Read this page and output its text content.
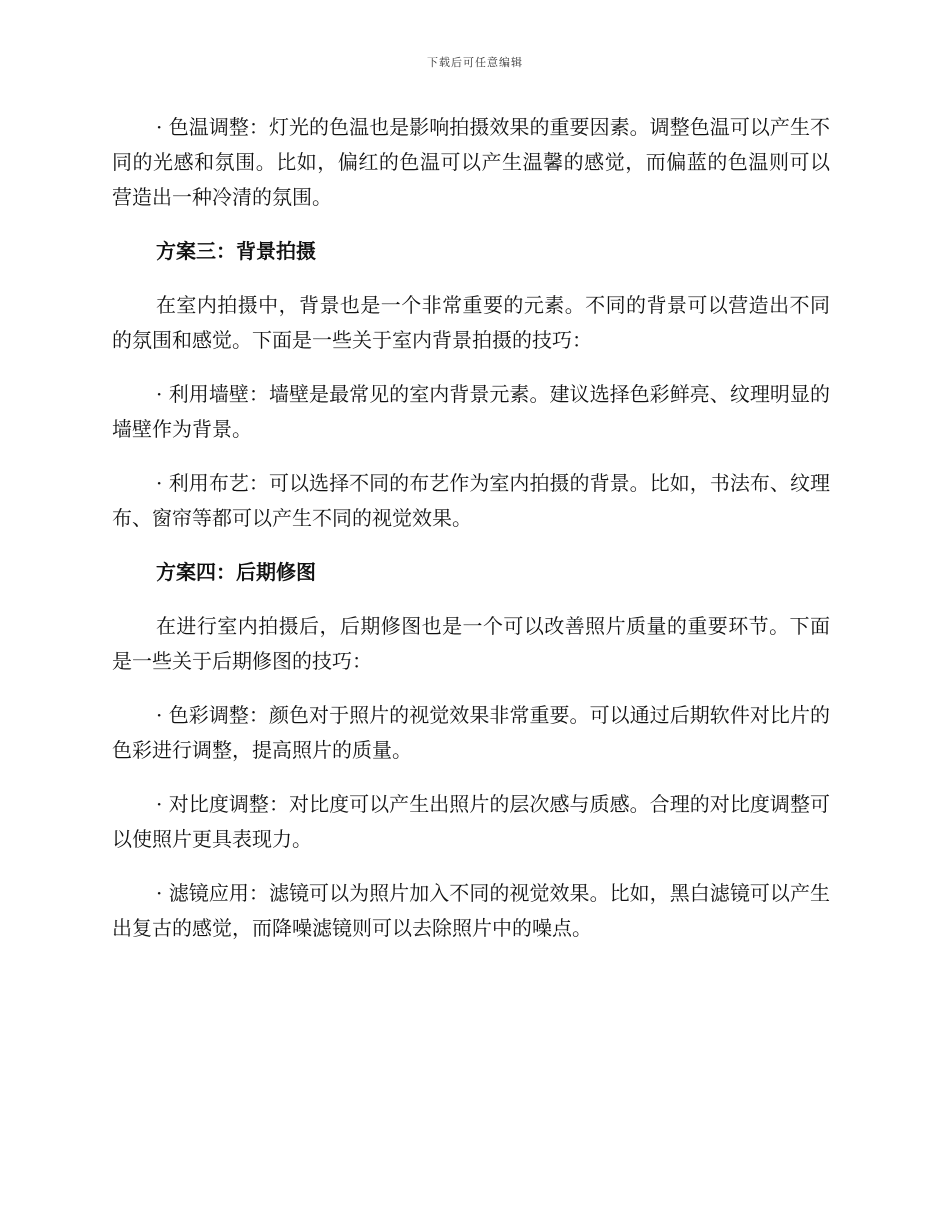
下载后可任意编辑

· 色温调整：灯光的色温也是影响拍摄效果的重要因素。调整色温可以产生不同的光感和氛围。比如，偏红的色温可以产生温馨的感觉，而偏蓝的色温则可以营造出一种冷清的氛围。

方案三：背景拍摄

在室内拍摄中，背景也是一个非常重要的元素。不同的背景可以营造出不同的氛围和感觉。下面是一些关于室内背景拍摄的技巧：

· 利用墙壁：墙壁是最常见的室内背景元素。建议选择色彩鲜亮、纹理明显的墙壁作为背景。

· 利用布艺：可以选择不同的布艺作为室内拍摄的背景。比如，书法布、纹理布、窗帘等都可以产生不同的视觉效果。

方案四：后期修图

在进行室内拍摄后，后期修图也是一个可以改善照片质量的重要环节。下面是一些关于后期修图的技巧：

· 色彩调整：颜色对于照片的视觉效果非常重要。可以通过后期软件对比片的色彩进行调整，提高照片的质量。

· 对比度调整：对比度可以产生出照片的层次感与质感。合理的对比度调整可以使照片更具表现力。

· 滤镜应用：滤镜可以为照片加入不同的视觉效果。比如，黑白滤镜可以产生出复古的感觉，而降噪滤镜则可以去除照片中的噪点。
